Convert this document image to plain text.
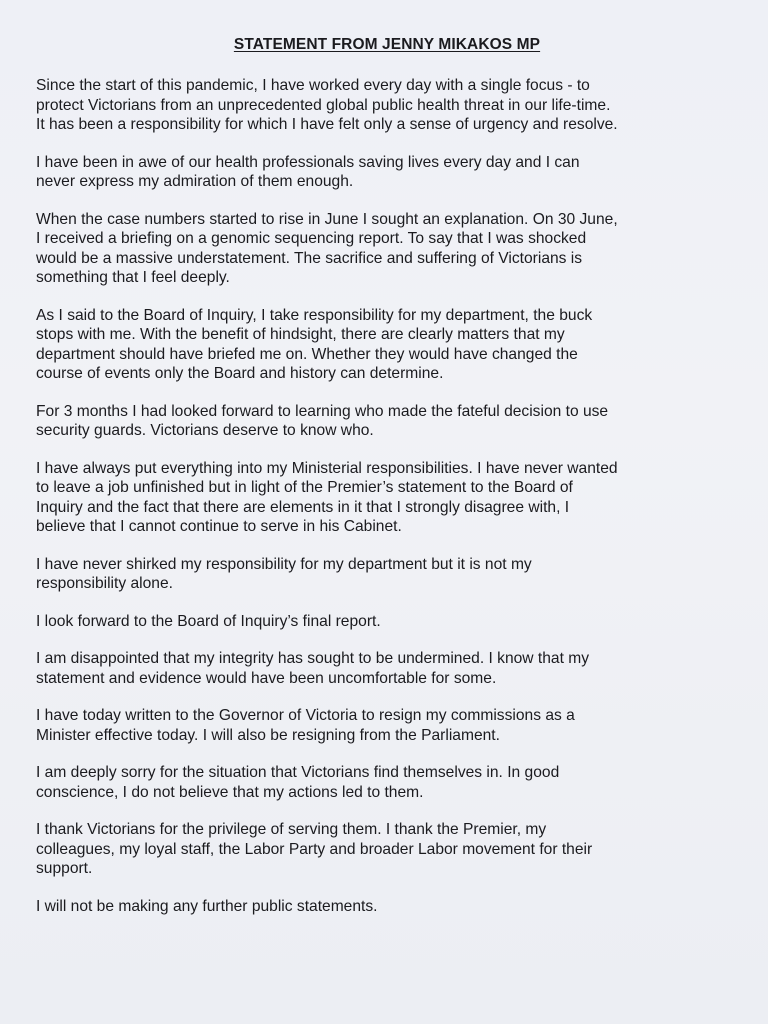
STATEMENT FROM JENNY MIKAKOS MP
Since the start of this pandemic, I have worked every day with a single focus - to
protect Victorians from an unprecedented global public health threat in our life-time.
It has been a responsibility for which I have felt only a sense of urgency and resolve.
I have been in awe of our health professionals saving lives every day and I can
never express my admiration of them enough.
When the case numbers started to rise in June I sought an explanation. On 30 June,
I received a briefing on a genomic sequencing report. To say that I was shocked
would be a massive understatement. The sacrifice and suffering of Victorians is
something that I feel deeply.
As I said to the Board of Inquiry, I take responsibility for my department, the buck
stops with me. With the benefit of hindsight, there are clearly matters that my
department should have briefed me on. Whether they would have changed the
course of events only the Board and history can determine.
For 3 months I had looked forward to learning who made the fateful decision to use
security guards. Victorians deserve to know who.
I have always put everything into my Ministerial responsibilities. I have never wanted
to leave a job unfinished but in light of the Premier’s statement to the Board of
Inquiry and the fact that there are elements in it that I strongly disagree with, I
believe that I cannot continue to serve in his Cabinet.
I have never shirked my responsibility for my department but it is not my
responsibility alone.
I look forward to the Board of Inquiry’s final report.
I am disappointed that my integrity has sought to be undermined. I know that my
statement and evidence would have been uncomfortable for some.
I have today written to the Governor of Victoria to resign my commissions as a
Minister effective today. I will also be resigning from the Parliament.
I am deeply sorry for the situation that Victorians find themselves in. In good
conscience, I do not believe that my actions led to them.
I thank Victorians for the privilege of serving them. I thank the Premier, my
colleagues, my loyal staff, the Labor Party and broader Labor movement for their
support.
I will not be making any further public statements.
